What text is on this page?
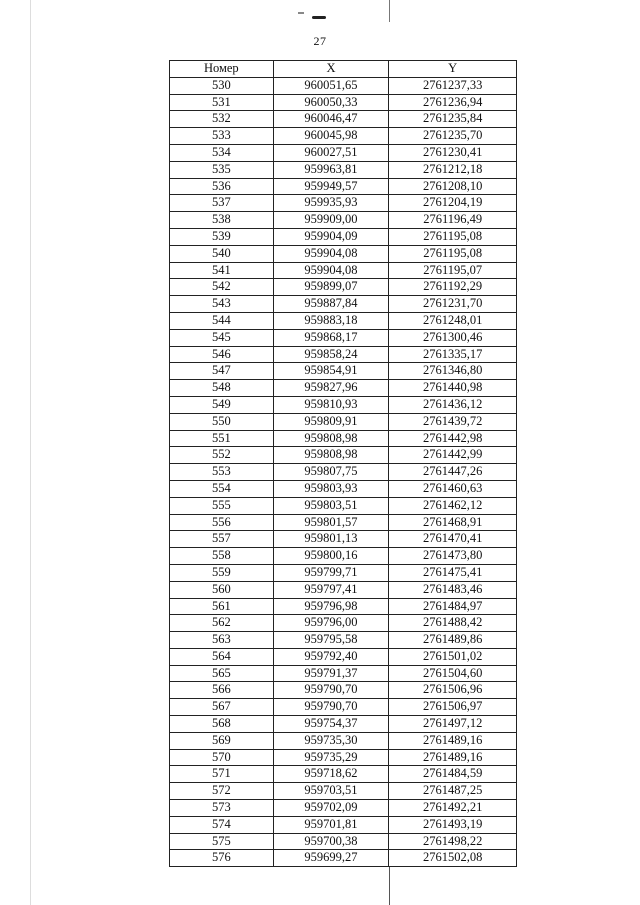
27
Номер	X	Y
530	960051,65	2761237,33
531	960050,33	2761236,94
532	960046,47	2761235,84
533	960045,98	2761235,70
534	960027,51	2761230,41
535	959963,81	2761212,18
536	959949,57	2761208,10
537	959935,93	2761204,19
538	959909,00	2761196,49
539	959904,09	2761195,08
540	959904,08	2761195,08
541	959904,08	2761195,07
542	959899,07	2761192,29
543	959887,84	2761231,70
544	959883,18	2761248,01
545	959868,17	2761300,46
546	959858,24	2761335,17
547	959854,91	2761346,80
548	959827,96	2761440,98
549	959810,93	2761436,12
550	959809,91	2761439,72
551	959808,98	2761442,98
552	959808,98	2761442,99
553	959807,75	2761447,26
554	959803,93	2761460,63
555	959803,51	2761462,12
556	959801,57	2761468,91
557	959801,13	2761470,41
558	959800,16	2761473,80
559	959799,71	2761475,41
560	959797,41	2761483,46
561	959796,98	2761484,97
562	959796,00	2761488,42
563	959795,58	2761489,86
564	959792,40	2761501,02
565	959791,37	2761504,60
566	959790,70	2761506,96
567	959790,70	2761506,97
568	959754,37	2761497,12
569	959735,30	2761489,16
570	959735,29	2761489,16
571	959718,62	2761484,59
572	959703,51	2761487,25
573	959702,09	2761492,21
574	959701,81	2761493,19
575	959700,38	2761498,22
576	959699,27	2761502,08
